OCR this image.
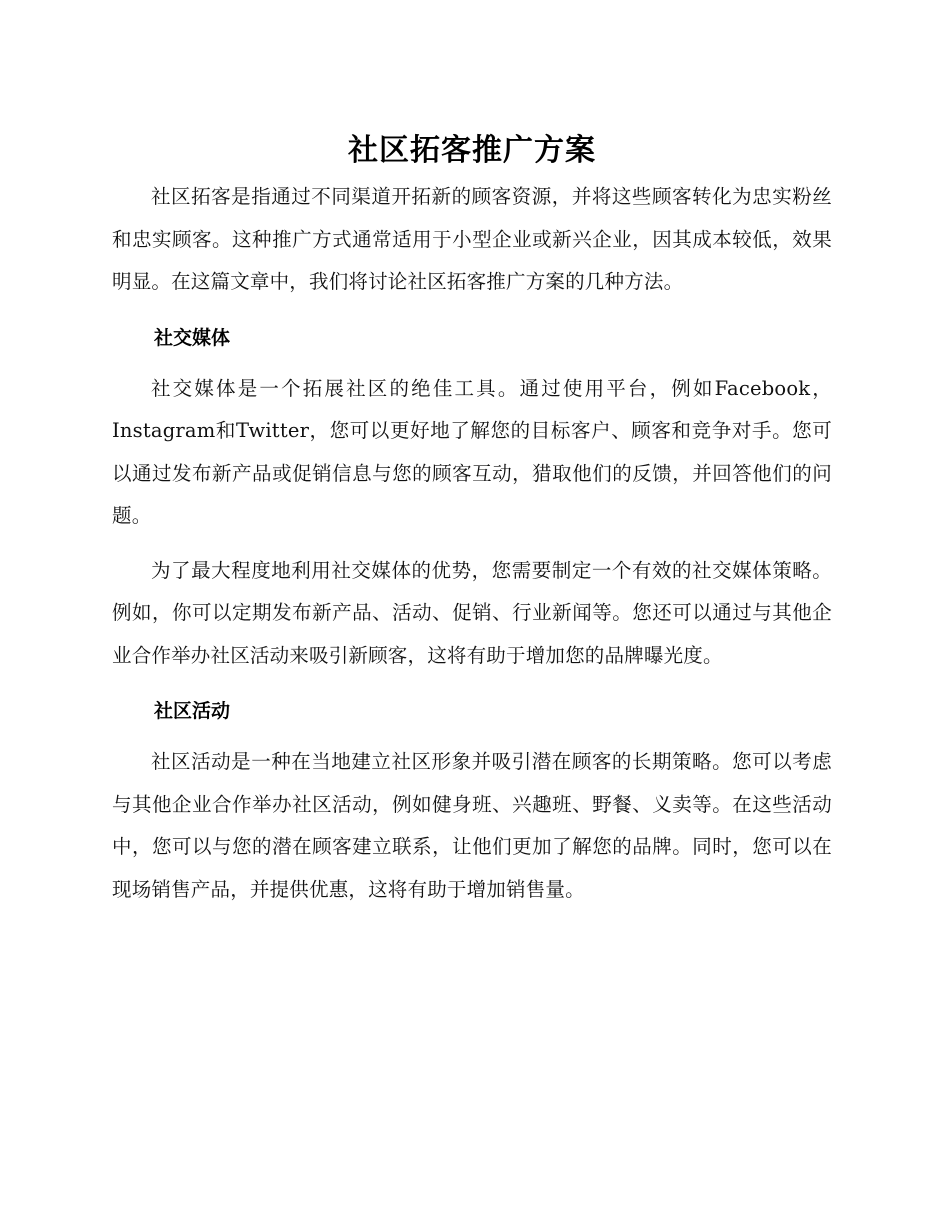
社区拓客推广方案

社区拓客是指通过不同渠道开拓新的顾客资源，并将这些顾客转化为忠实粉丝和忠实顾客。这种推广方式通常适用于小型企业或新兴企业，因其成本较低，效果明显。在这篇文章中，我们将讨论社区拓客推广方案的几种方法。

社交媒体

社交媒体是一个拓展社区的绝佳工具。通过使用平台，例如Facebook，Instagram和Twitter，您可以更好地了解您的目标客户、顾客和竞争对手。您可以通过发布新产品或促销信息与您的顾客互动，猎取他们的反馈，并回答他们的问题。

为了最大程度地利用社交媒体的优势，您需要制定一个有效的社交媒体策略。例如，你可以定期发布新产品、活动、促销、行业新闻等。您还可以通过与其他企业合作举办社区活动来吸引新顾客，这将有助于增加您的品牌曝光度。

社区活动

社区活动是一种在当地建立社区形象并吸引潜在顾客的长期策略。您可以考虑与其他企业合作举办社区活动，例如健身班、兴趣班、野餐、义卖等。在这些活动中，您可以与您的潜在顾客建立联系，让他们更加了解您的品牌。同时，您可以在现场销售产品，并提供优惠，这将有助于增加销售量。
